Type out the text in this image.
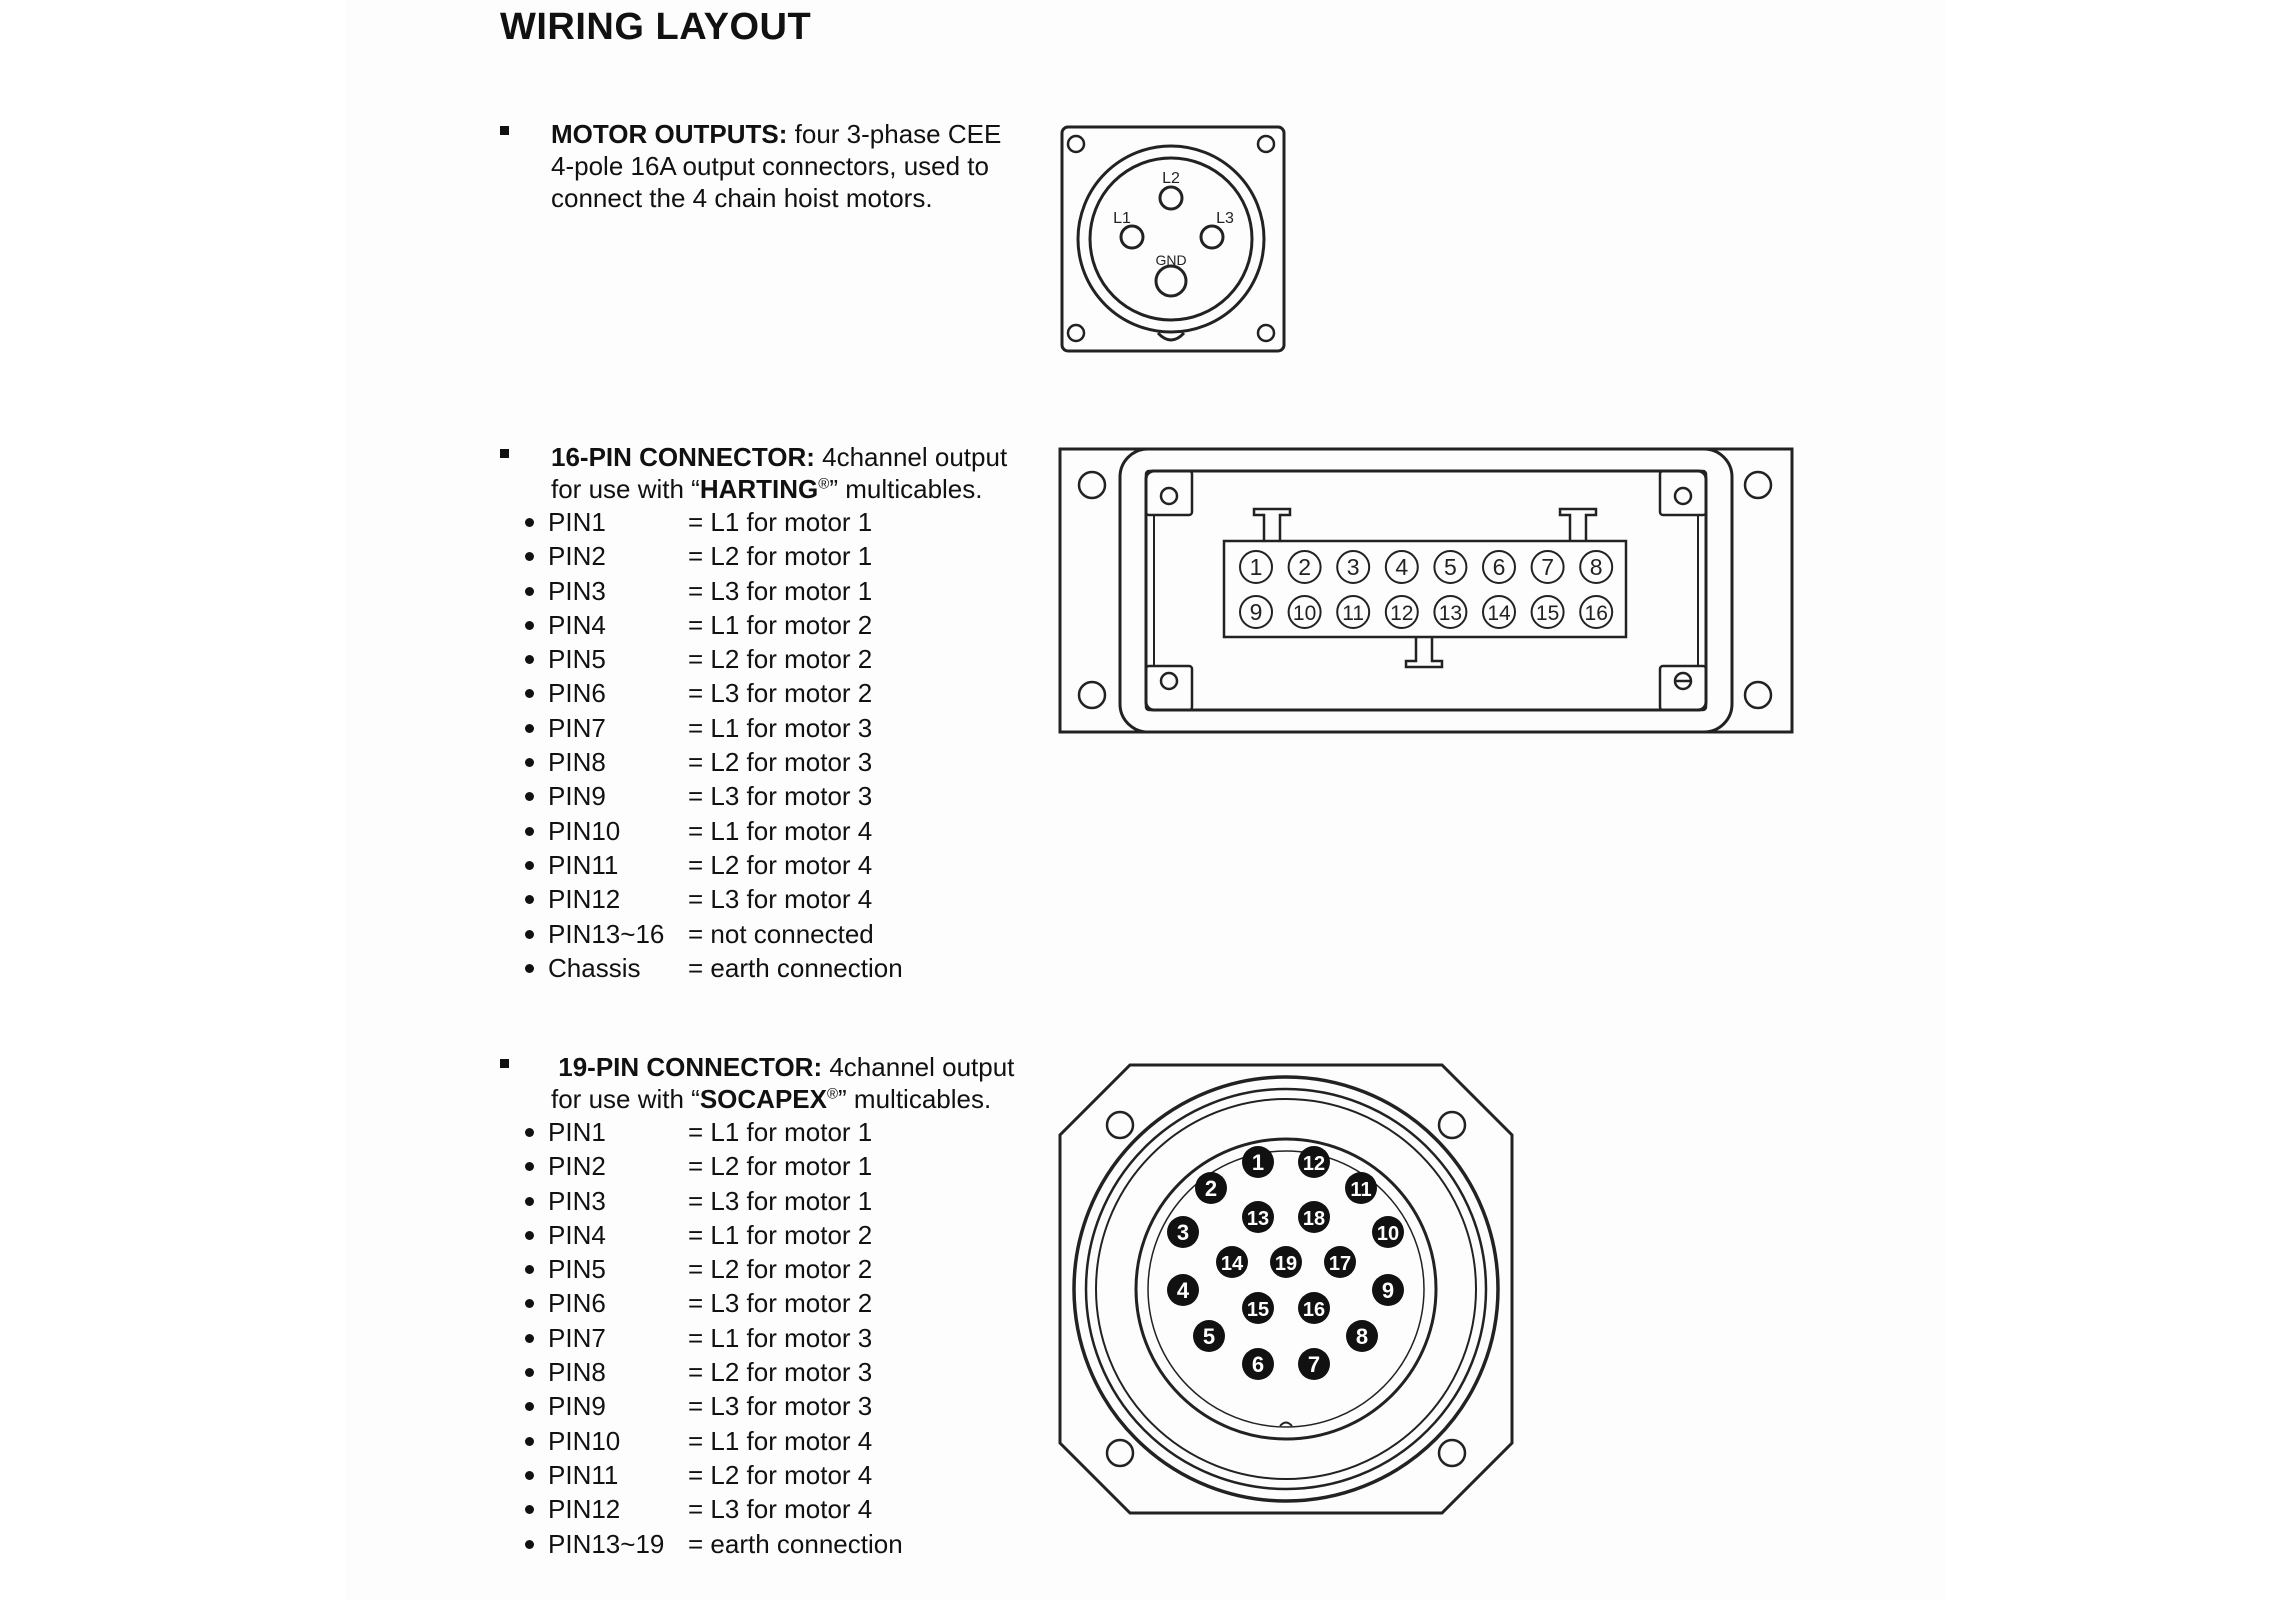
WIRING LAYOUT
MOTOR OUTPUTS: four 3-phase CEE 4-pole 16A output connectors, used to connect the 4 chain hoist motors.
16-PIN CONNECTOR: 4channel output for use with “HARTING®” multicables.
PIN1	= L1 for motor 1
PIN2	= L2 for motor 1
PIN3	= L3 for motor 1
PIN4	= L1 for motor 2
PIN5	= L2 for motor 2
PIN6	= L3 for motor 2
PIN7	= L1 for motor 3
PIN8	= L2 for motor 3
PIN9	= L3 for motor 3
PIN10	= L1 for motor 4
PIN11	= L2 for motor 4
PIN12	= L3 for motor 4
PIN13~16 = not connected
Chassis = earth connection
19-PIN CONNECTOR: 4channel output for use with “SOCAPEX®” multicables.
PIN1	= L1 for motor 1
PIN2	= L2 for motor 1
PIN3	= L3 for motor 1
PIN4	= L1 for motor 2
PIN5	= L2 for motor 2
PIN6	= L3 for motor 2
PIN7	= L1 for motor 3
PIN8	= L2 for motor 3
PIN9	= L3 for motor 3
PIN10	= L1 for motor 4
PIN11	= L2 for motor 4
PIN12	= L3 for motor 4
PIN13~19 = earth connection
L2
L1	L3
GND
1 2 3 4 5 6 7 8
9 10 11 12 13 14 15 16
1
2
3
4
5
6 7
8
9
10
11
12
13
14
15 16
17
18
19
